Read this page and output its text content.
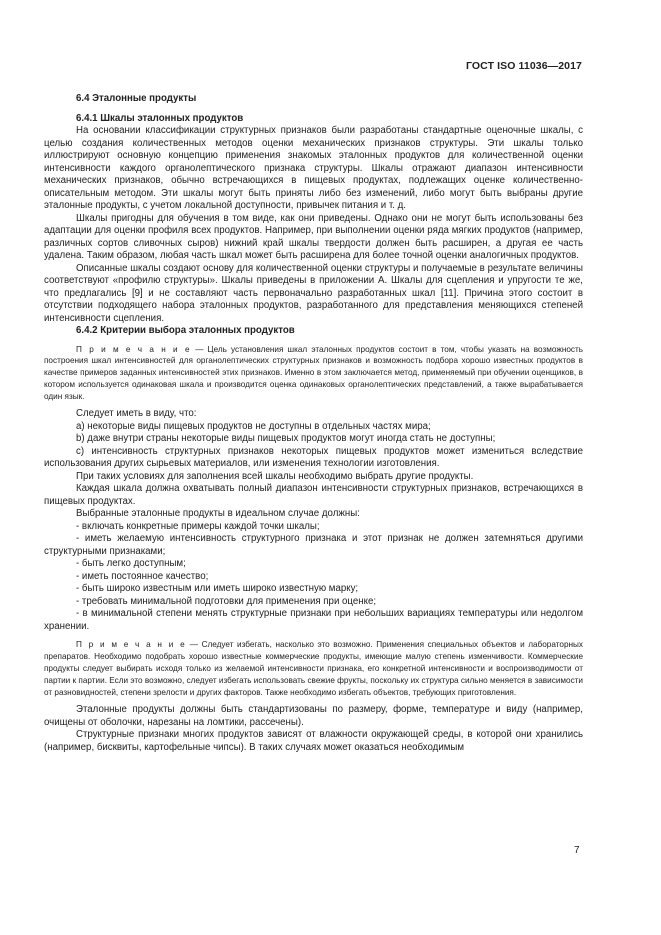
ГОСТ ISO 11036—2017
6.4 Эталонные продукты
6.4.1 Шкалы эталонных продуктов

На основании классификации структурных признаков были разработаны стандартные оценочные шкалы, с целью создания количественных методов оценки механических признаков структуры. Эти шкалы только иллюстрируют основную концепцию применения знакомых эталонных продуктов для количественной оценки интенсивности каждого органолептического признака структуры. Шкалы отражают диапазон интенсивности механических признаков, обычно встречающихся в пищевых продуктах, подлежащих оценке количественно-описательным методом. Эти шкалы могут быть приняты либо без изменений, либо могут быть выбраны другие эталонные продукты, с учетом локальной доступности, привычек питания и т. д.

Шкалы пригодны для обучения в том виде, как они приведены. Однако они не могут быть использованы без адаптации для оценки профиля всех продуктов. Например, при выполнении оценки ряда мягких продуктов (например, различных сортов сливочных сыров) нижний край шкалы твердости должен быть расширен, а другая ее часть удалена. Таким образом, любая часть шкал может быть расширена для более точной оценки аналогичных продуктов.

Описанные шкалы создают основу для количественной оценки структуры и получаемые в результате величины соответствуют «профилю структуры». Шкалы приведены в приложении А. Шкалы для сцепления и упругости те же, что предлагались [9] и не составляют часть первоначально разработанных шкал [11]. Причина этого состоит в отсутствии подходящего набора эталонных продуктов, разработанного для представления меняющихся степеней интенсивности сцепления.

6.4.2 Критерии выбора эталонных продуктов
П р и м е ч а н и е — Цель установления шкал эталонных продуктов состоит в том, чтобы указать на возможность построения шкал интенсивностей для органолептических структурных признаков и возможность подбора хорошо известных продуктов в качестве примеров заданных интенсивностей этих признаков. Именно в этом заключается метод, применяемый при обучении оценщиков, в котором используется одинаковая шкала и производится оценка одинаковых органолептических представлений, а также вырабатывается один язык.

Следует иметь в виду, что:

а) некоторые виды пищевых продуктов не доступны в отдельных частях мира;

b) даже внутри страны некоторые виды пищевых продуктов могут иногда стать не доступны;

с) интенсивность структурных признаков некоторых пищевых продуктов может измениться вследствие использования других сырьевых материалов, или изменения технологии изготовления.

При таких условиях для заполнения всей шкалы необходимо выбрать другие продукты.

Каждая шкала должна охватывать полный диапазон интенсивности структурных признаков, встречающихся в пищевых продуктах.

Выбранные эталонные продукты в идеальном случае должны:

- включать конкретные примеры каждой точки шкалы;

- иметь желаемую интенсивность структурного признака и этот признак не должен затемняться другими структурными признаками;

- быть легко доступным;

- иметь постоянное качество;

- быть широко известным или иметь широко известную марку;

- требовать минимальной подготовки для применения при оценке;

- в минимальной степени менять структурные признаки при небольших вариациях температуры или недолгом хранении.

П р и м е ч а н и е — Следует избегать, насколько это возможно. Применения специальных объектов и лабораторных препаратов. Необходимо подобрать хорошо известные коммерческие продукты, имеющие малую степень изменчивости. Коммерческие продукты следует выбирать исходя только из желаемой интенсивности признака, его конкретной интенсивности и воспроизводимости от партии к партии. Если это возможно, следует избегать использовать свежие фрукты, поскольку их структура сильно меняется в зависимости от разновидностей, степени зрелости и других факторов. Также необходимо избегать объектов, требующих приготовления.

Эталонные продукты должны быть стандартизованы по размеру, форме, температуре и виду (например, очищены от оболочки, нарезаны на ломтики, рассечены).

Структурные признаки многих продуктов зависят от влажности окружающей среды, в которой они хранились (например, бисквиты, картофельные чипсы). В таких случаях может оказаться необходимым

7
